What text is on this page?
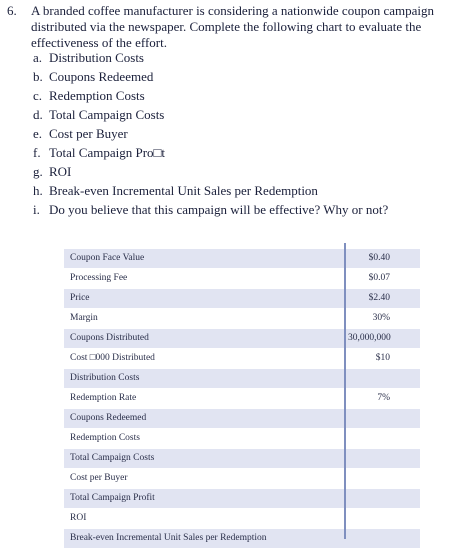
6. A branded coffee manufacturer is considering a nationwide coupon campaign distributed via the newspaper. Complete the following chart to evaluate the effectiveness of the effort.
a. Distribution Costs
b. Coupons Redeemed
c. Redemption Costs
d. Total Campaign Costs
e. Cost per Buyer
f. Total Campaign Pro□t
g. ROI
h. Break-even Incremental Unit Sales per Redemption
i. Do you believe that this campaign will be effective? Why or not?
Coupon Face Value	$0.40
Processing Fee	$0.07
Price	$2.40
Margin	30%
Coupons Distributed	30,000,000
Cost □000 Distributed	$10
Distribution Costs
Redemption Rate	7%
Coupons Redeemed
Redemption Costs
Total Campaign Costs
Cost per Buyer
Total Campaign Profit
ROI
Break-even Incremental Unit Sales per Redemption
